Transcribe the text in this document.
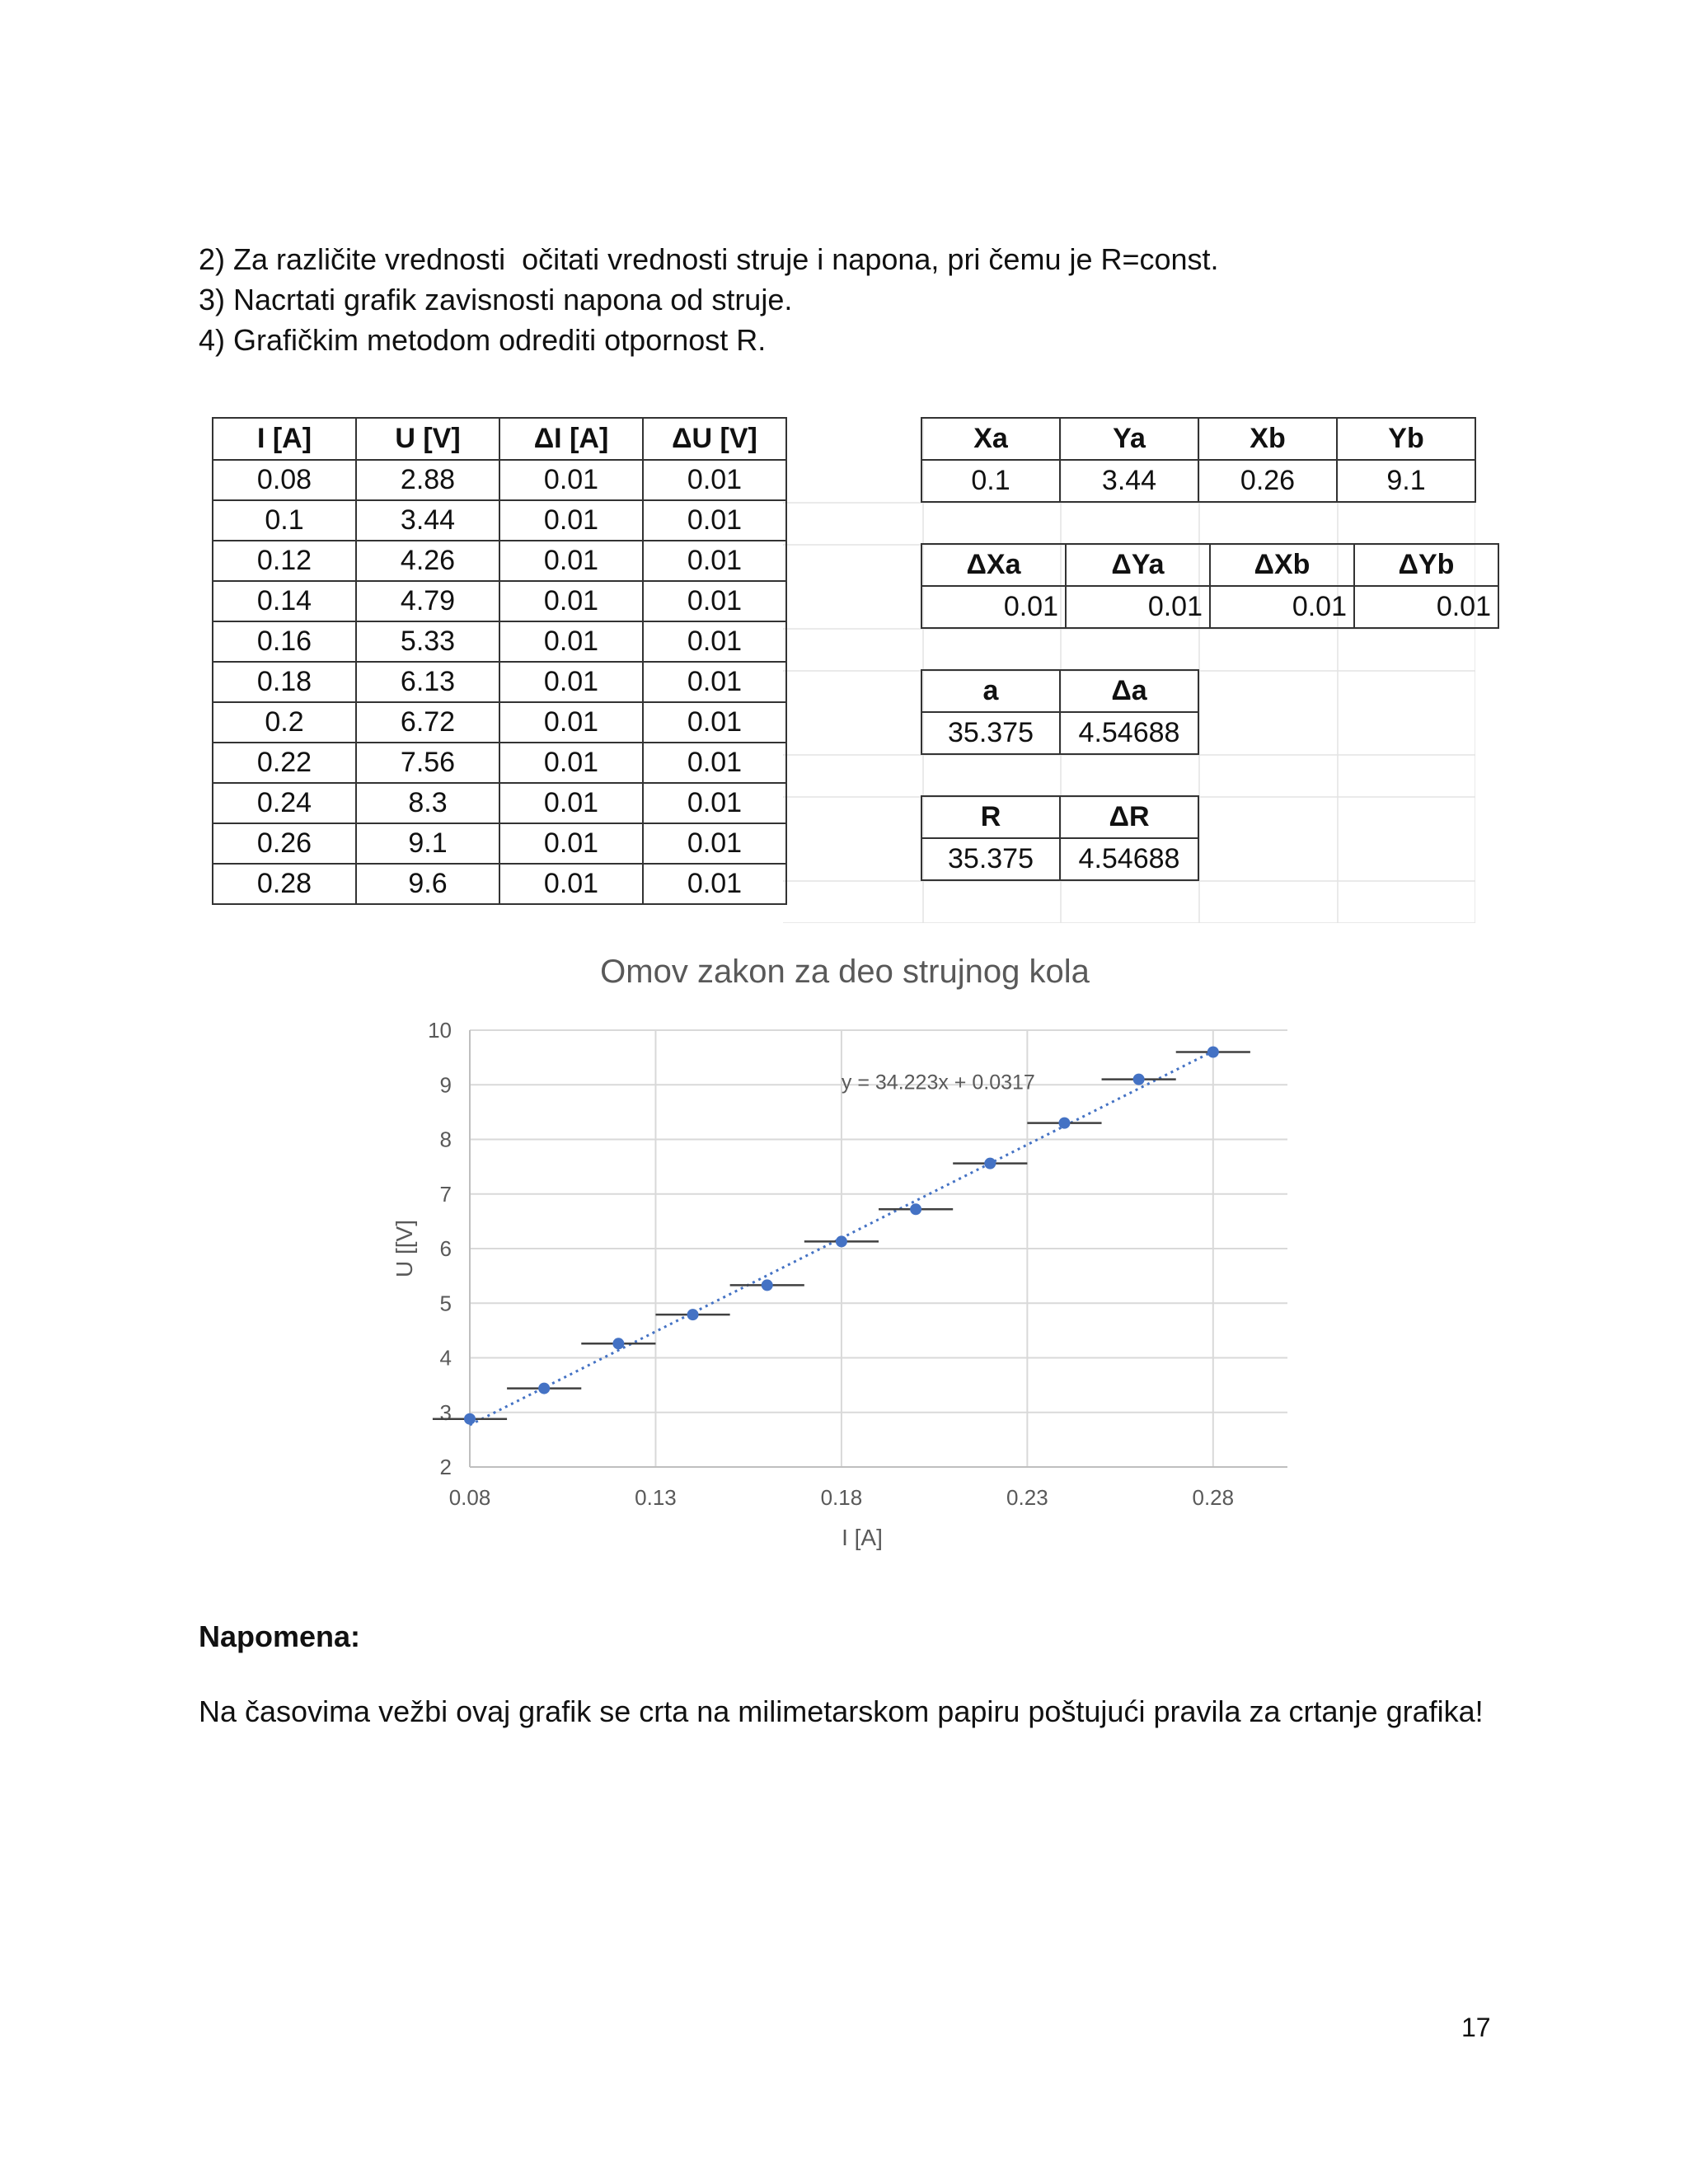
2) Za različite vrednosti  očitati vrednosti struje i napona, pri čemu je R=const.
3) Nacrtati grafik zavisnosti napona od struje.
4) Grafičkim metodom odrediti otpornost R.
I [A]	U [V]	ΔI [A]	ΔU [V]
0.08	2.88	0.01	0.01
0.1	3.44	0.01	0.01
0.12	4.26	0.01	0.01
0.14	4.79	0.01	0.01
0.16	5.33	0.01	0.01
0.18	6.13	0.01	0.01
0.2	6.72	0.01	0.01
0.22	7.56	0.01	0.01
0.24	8.3	0.01	0.01
0.26	9.1	0.01	0.01
0.28	9.6	0.01	0.01
Xa	Ya	Xb	Yb
0.1	3.44	0.26	9.1
ΔXa	ΔYa	ΔXb	ΔYb
0.01	0.01	0.01	0.01
a	Δa
35.375	4.54688
R	ΔR
35.375	4.54688
Omov zakon za deo strujnog kola
2
3
4
5
6
7
8
9
10
0.08	0.13	0.18	0.23	0.28
I [A]
U [[V]
y = 34.223x + 0.0317
Napomena:
Na časovima vežbi ovaj grafik se crta na milimetarskom papiru poštujući pravila za crtanje grafika!
17
